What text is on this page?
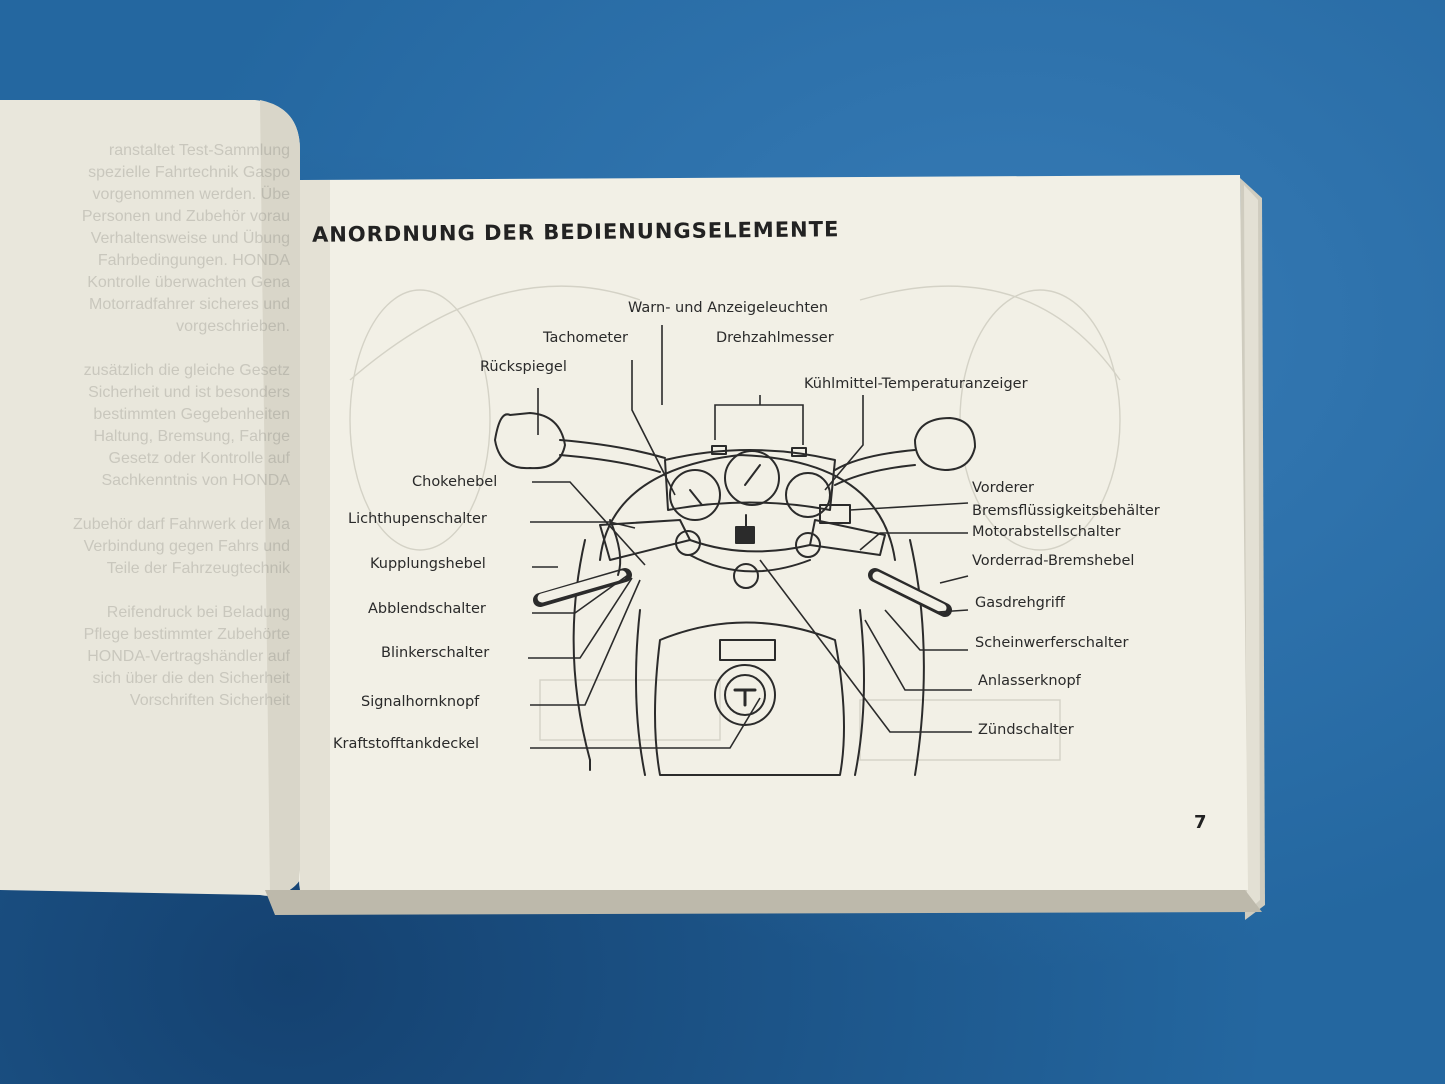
ranstaltet Test-Sammlung
spezielle Fahrtechnik Gaspo
vorgenommen werden. Übe
Personen und Zubehör vorau
Verhaltensweise und Übung
Fahrbedingungen. HONDA
Kontrolle überwachten Gena
Motorradfahrer sicheres und
vorgeschrieben.

zusätzlich die gleiche Gesetz
Sicherheit und ist besonders
bestimmten Gegebenheiten
Haltung, Bremsung, Fahrge
Gesetz oder Kontrolle auf
Sachkenntnis von HONDA

Zubehör darf Fahrwerk der Ma
Verbindung gegen Fahrs und
Teile der Fahrzeugtechnik

Reifendruck bei Beladung
Pflege bestimmter Zubehörte
HONDA-Vertragshändler auf
sich über die den Sicherheit
Vorschriften Sicherheit
ANORDNUNG DER BEDIENUNGSELEMENTE
Warn- und Anzeigeleuchten
Tachometer	Drehzahlmesser
Rückspiegel
Kühlmittel-Temperaturanzeiger
Chokehebel
Lichthupenschalter
Kupplungshebel
Abblendschalter
Blinkerschalter
Signalhornknopf
Kraftstofftankdeckel
Vorderer
Bremsflüssigkeitsbehälter
Motorabstellschalter
Vorderrad-Bremshebel
Gasdrehgriff
Scheinwerferschalter
Anlasserknopf
Zündschalter
7
